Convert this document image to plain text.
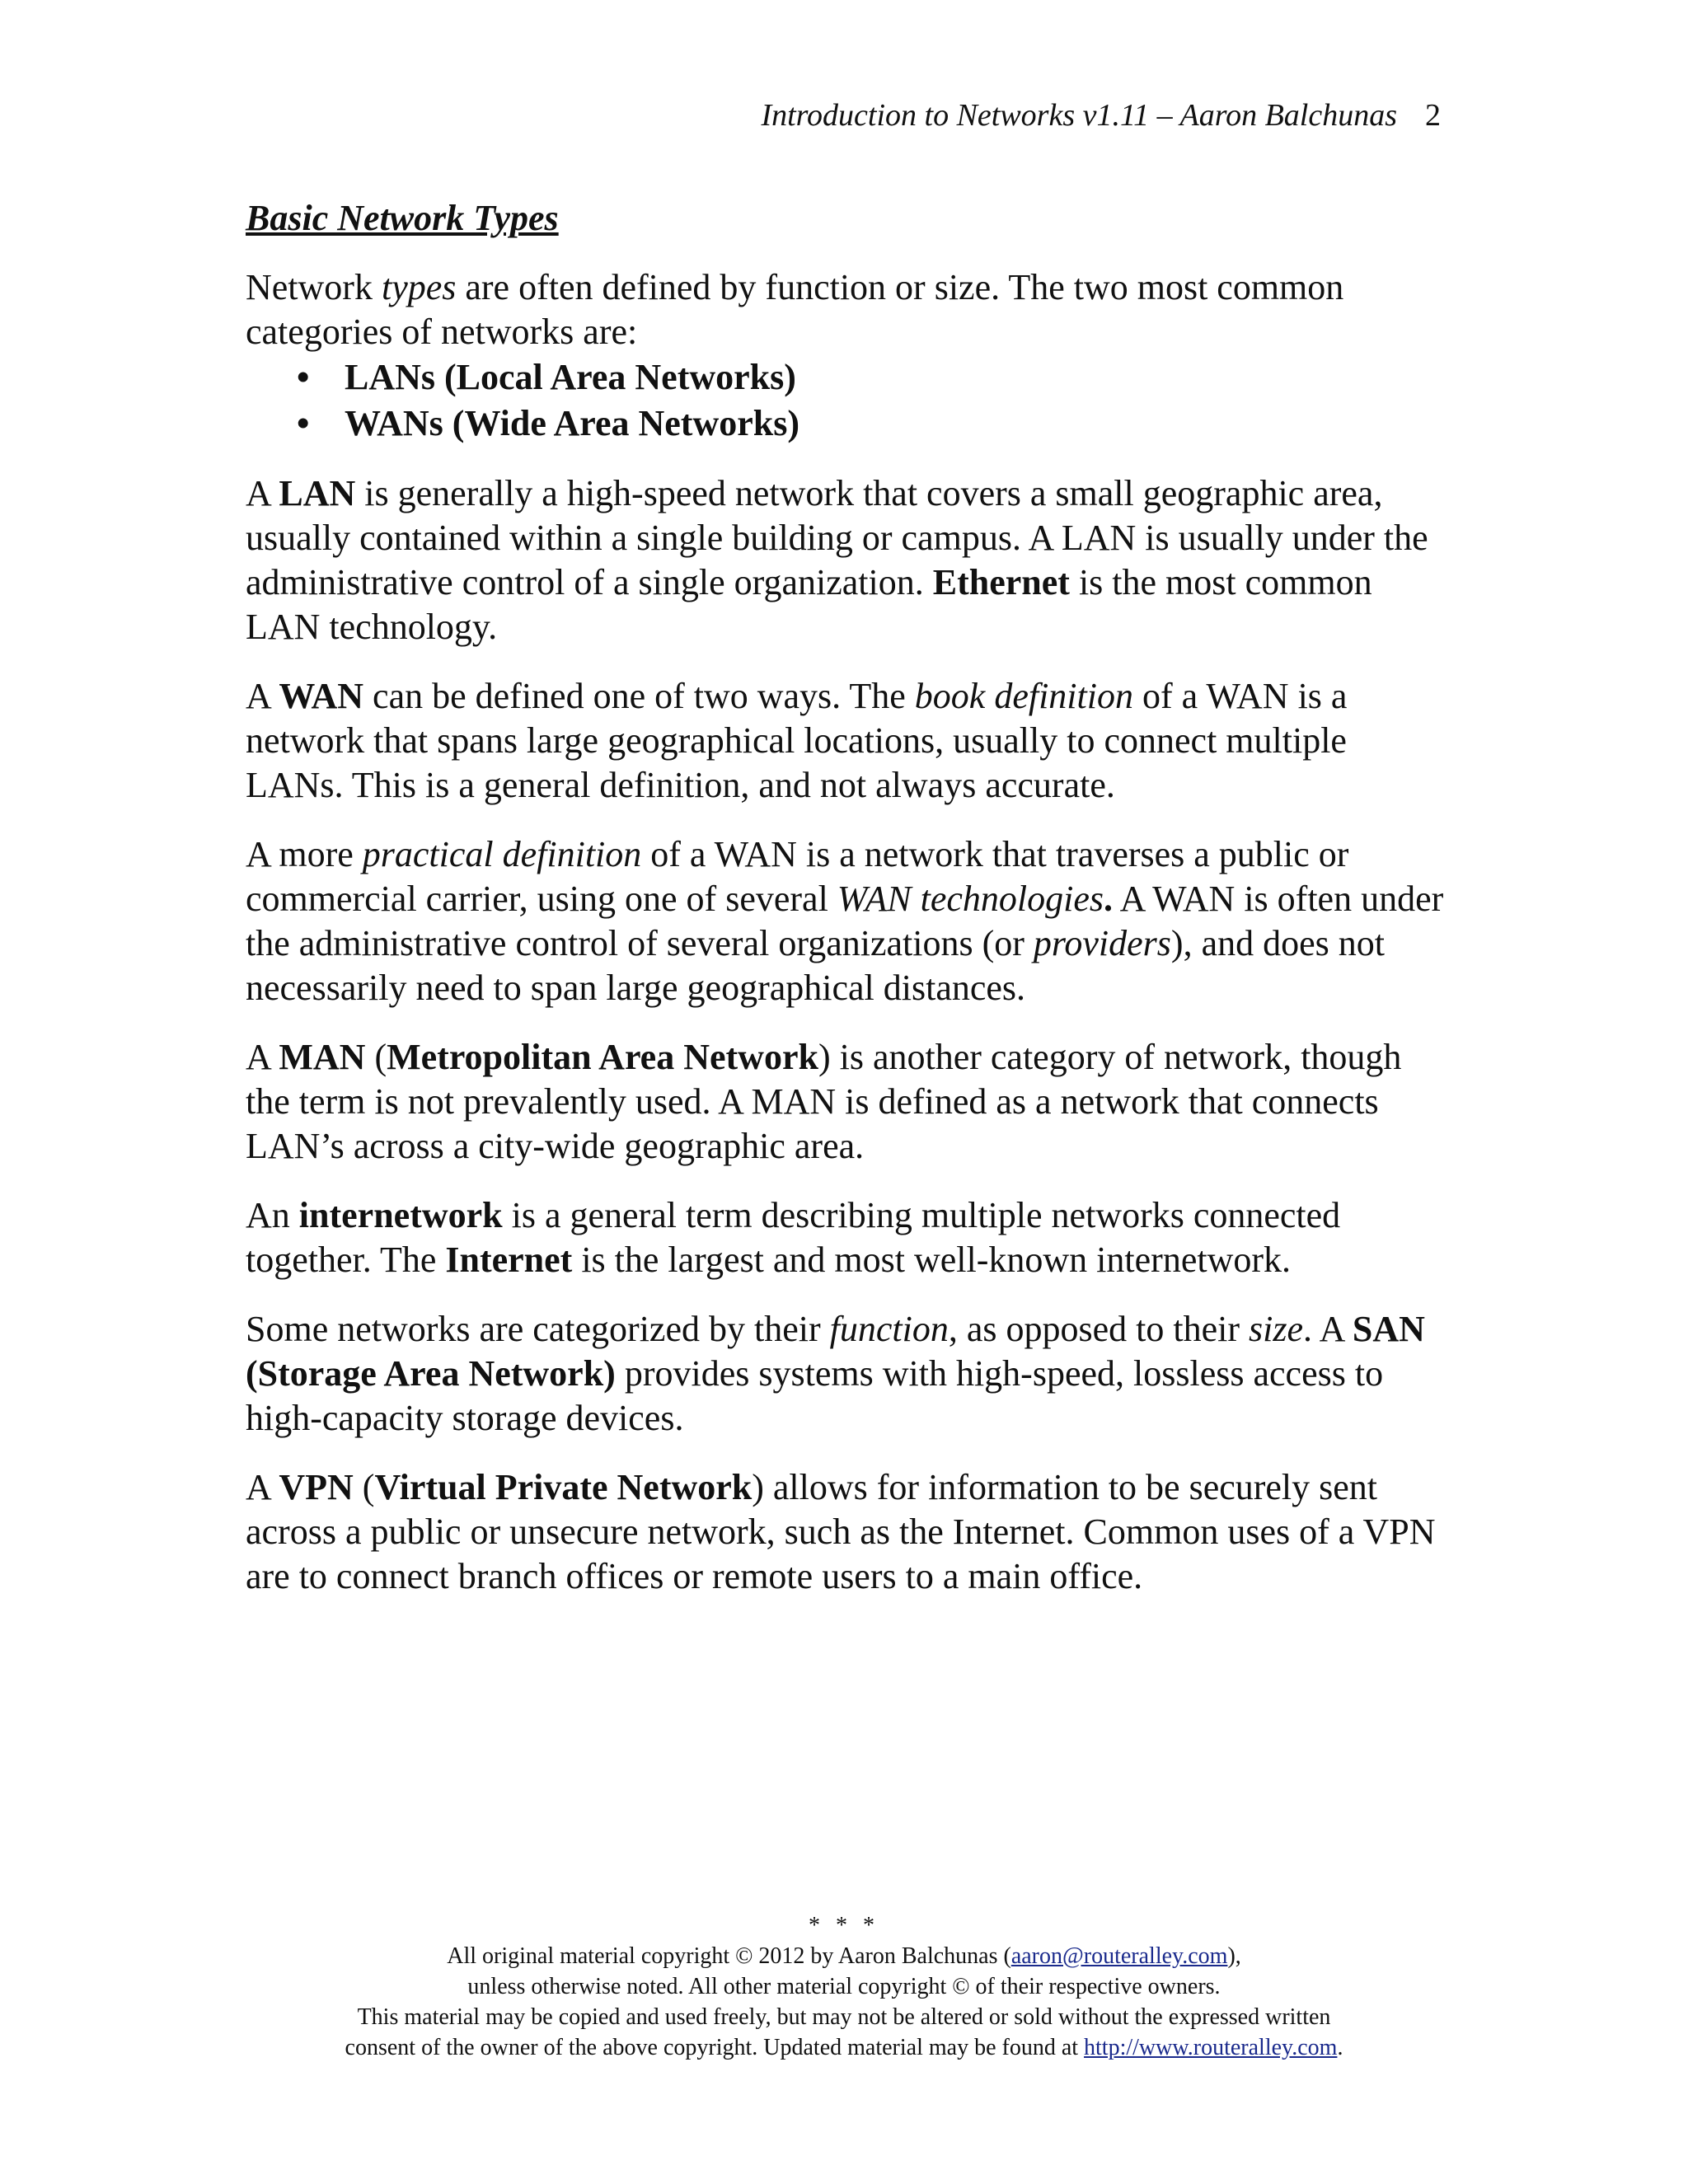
Introduction to Networks v1.11 – Aaron Balchunas 2
Basic Network Types

Network types are often defined by function or size. The two most common categories of networks are:

• LANs (Local Area Networks)
• WANs (Wide Area Networks)

A LAN is generally a high-speed network that covers a small geographic area, usually contained within a single building or campus. A LAN is usually under the administrative control of a single organization. Ethernet is the most common LAN technology.

A WAN can be defined one of two ways. The book definition of a WAN is a network that spans large geographical locations, usually to connect multiple LANs. This is a general definition, and not always accurate.

A more practical definition of a WAN is a network that traverses a public or commercial carrier, using one of several WAN technologies. A WAN is often under the administrative control of several organizations (or providers), and does not necessarily need to span large geographical distances.

A MAN (Metropolitan Area Network) is another category of network, though the term is not prevalently used. A MAN is defined as a network that connects LAN’s across a city-wide geographic area.

An internetwork is a general term describing multiple networks connected together. The Internet is the largest and most well-known internetwork.

Some networks are categorized by their function, as opposed to their size. A SAN (Storage Area Network) provides systems with high-speed, lossless access to high-capacity storage devices.

A VPN (Virtual Private Network) allows for information to be securely sent across a public or unsecure network, such as the Internet. Common uses of a VPN are to connect branch offices or remote users to a main office.

* * *
All original material copyright © 2012 by Aaron Balchunas (aaron@routeralley.com),
unless otherwise noted. All other material copyright © of their respective owners.
This material may be copied and used freely, but may not be altered or sold without the expressed written
consent of the owner of the above copyright. Updated material may be found at http://www.routeralley.com.
